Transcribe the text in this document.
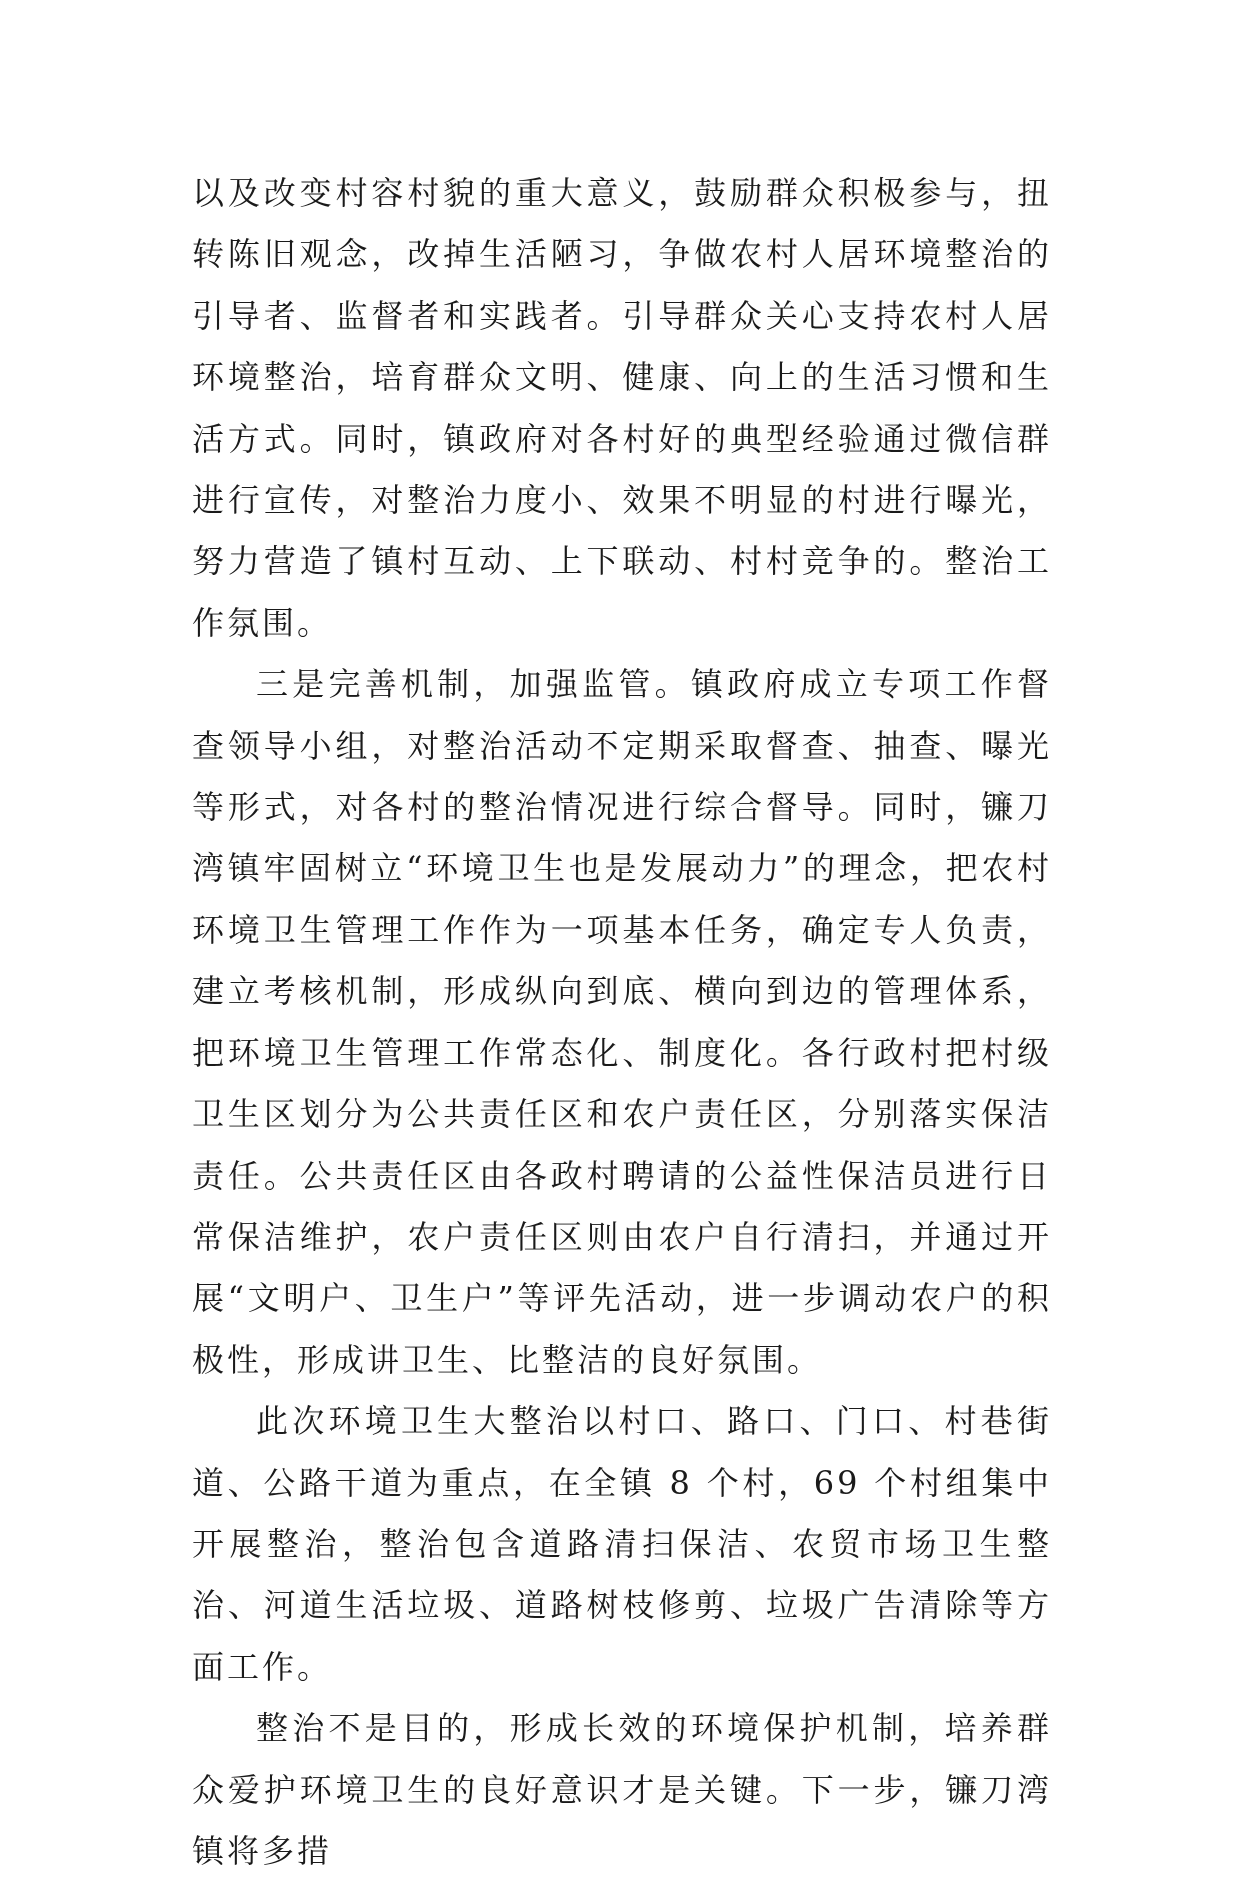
以及改变村容村貌的重大意义，鼓励群众积极参与，扭转陈旧观念，改掉生活陋习，争做农村人居环境整治的引导者、监督者和实践者。引导群众关心支持农村人居环境整治，培育群众文明、健康、向上的生活习惯和生活方式。同时，镇政府对各村好的典型经验通过微信群进行宣传，对整治力度小、效果不明显的村进行曝光，努力营造了镇村互动、上下联动、村村竞争的。整治工作氛围。

三是完善机制，加强监管。镇政府成立专项工作督查领导小组，对整治活动不定期采取督查、抽查、曝光等形式，对各村的整治情况进行综合督导。同时，镰刀湾镇牢固树立“环境卫生也是发展动力”的理念，把农村环境卫生管理工作作为一项基本任务，确定专人负责，建立考核机制，形成纵向到底、横向到边的管理体系，把环境卫生管理工作常态化、制度化。各行政村把村级卫生区划分为公共责任区和农户责任区，分别落实保洁责任。公共责任区由各政村聘请的公益性保洁员进行日常保洁维护，农户责任区则由农户自行清扫，并通过开展“文明户、卫生户”等评先活动，进一步调动农户的积极性，形成讲卫生、比整洁的良好氛围。

此次环境卫生大整治以村口、路口、门口、村巷街道、公路干道为重点，在全镇 8 个村，69 个村组集中开展整治，整治包含道路清扫保洁、农贸市场卫生整治、河道生活垃圾、道路树枝修剪、垃圾广告清除等方面工作。

整治不是目的，形成长效的环境保护机制，培养群众爱护环境卫生的良好意识才是关键。下一步，镰刀湾镇将多措
